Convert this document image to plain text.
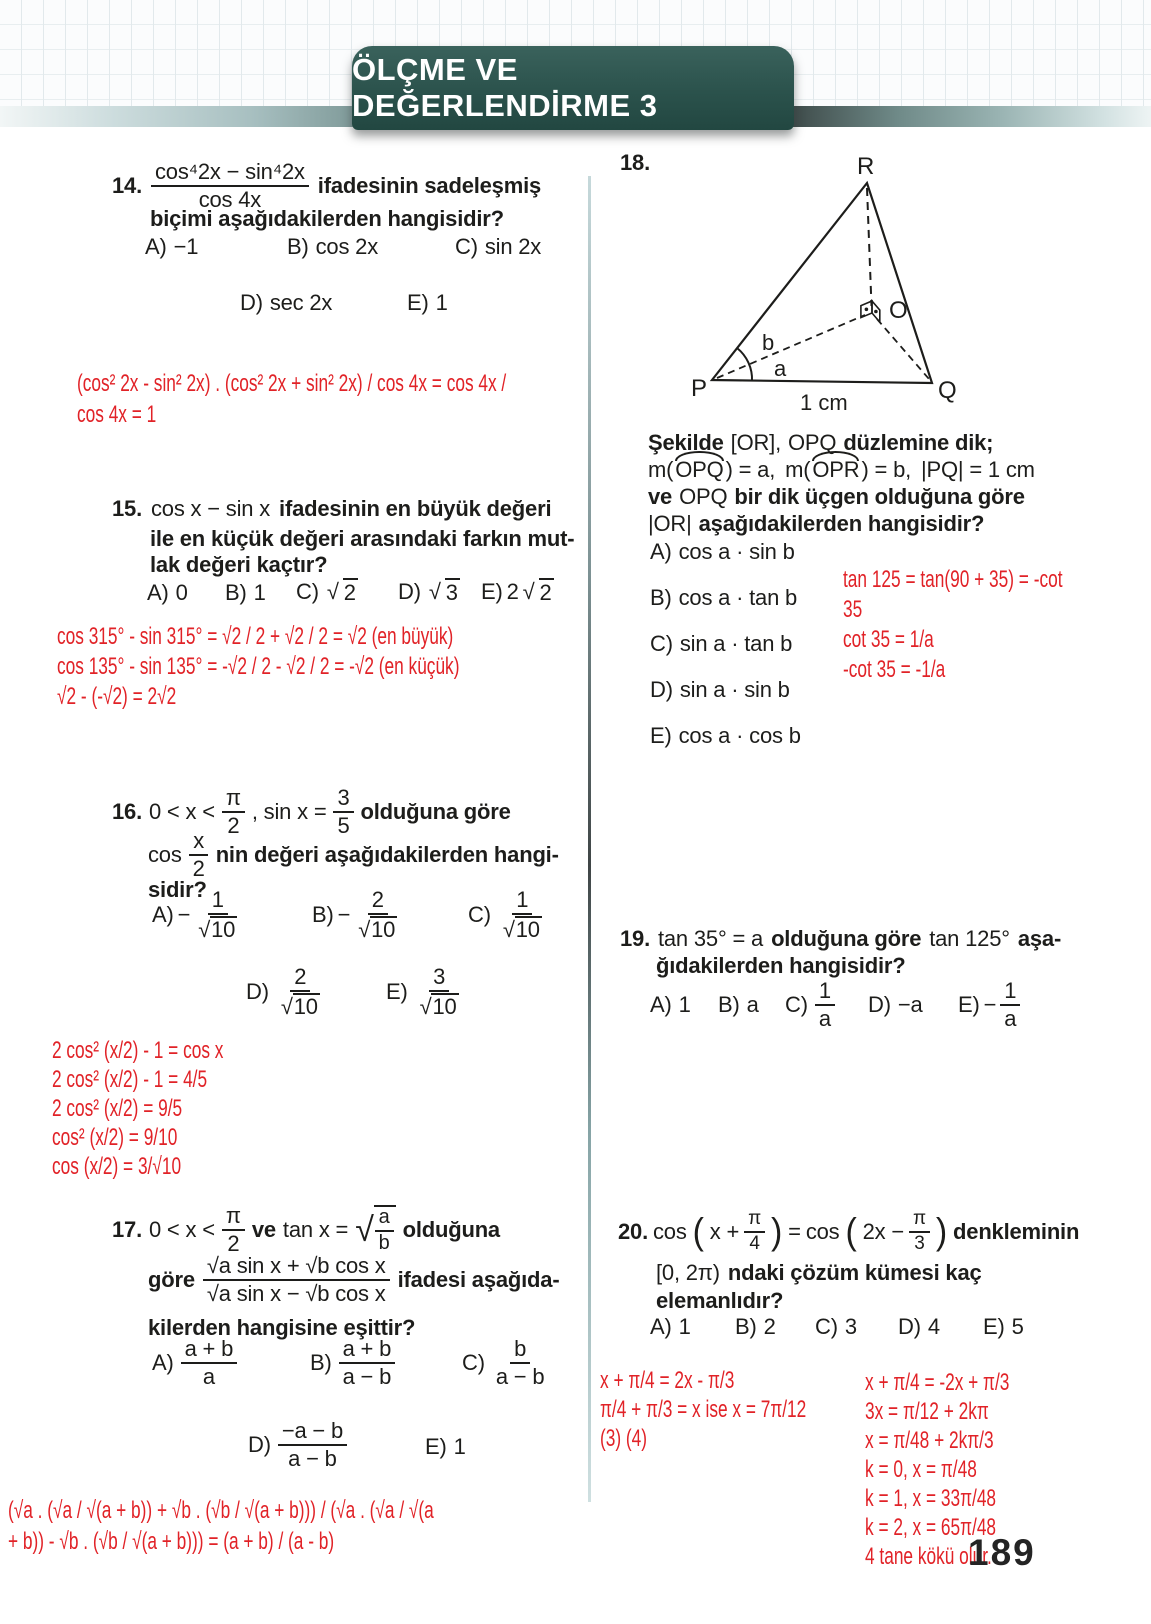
ÖLÇME VE DEĞERLENDİRME 3
14. $\frac{\text{cos⁴2x − sin⁴2x}}{\cos 4x}$ ifadesinin sadeleşmiş
biçimi aşağıdakilerden hangisidir?
A) −1	B) cos 2x	C) sin 2x
D) sec 2x	E) 1
(cos² 2x - sin² 2x) . (cos² 2x + sin² 2x) / cos 4x = cos 4x /
cos 4x = 1
15. cos x − sin x ifadesinin en büyük değeri
ile en küçük değeri arasındaki farkın mut-
lak değeri kaçtır?
A) 0 B) 1 C) √ 2 D) √ 3 E) 2 √ 2
cos 315° - sin 315° = √2 / 2 + √2 / 2 = √2 (en büyük)
cos 135° - sin 135° = -√2 / 2 - √2 / 2 = -√2 (en küçük)
√2 - (-√2) = 2√2
16. $0 < x < \frac{\pi}{2}$ , $\sin x = \frac{3}{5}$ olduğuna göre
$\cos \frac{x}{2}$ nin değeri aşağıdakilerden hangi-
sidir?
$A) - \frac{1}{√ 10}$	$B) - \frac{2}{√ 10}$	$C) \frac{1}{√ 10}$
$D) \frac{2}{√ 10}$	$E) \frac{3}{√ 10}$
2 cos² (x/2) - 1 = cos x
2 cos² (x/2) - 1 = 4/5
2 cos² (x/2) = 9/5
cos² (x/2) = 9/10
cos (x/2) = 3/√10
17. $0 < x < \frac{\pi}{2}$ ve tan x = √ $\frac{a}{b}$ olduğuna
göre $\frac{\text{√a sin x + √b cos x}}{\text{√a sin x − √b cos x}}$ ifadesi aşağıda-
kilerden hangisine eşittir?
$A) \frac{a + b}{a}$	$B) \frac{a + b}{a - b}$	$C) \frac{b}{a - b}$
$D) \frac{-a - b}{a - b}$	E) 1
(√a . (√a / √(a + b)) + √b . (√b / √(a + b))) / (√a . (√a / √(a
+ b)) - √b . (√b / √(a + b))) = (a + b) / (a - b)
18.
P	Q
R
O
b
a
1 cm
Şekilde [OR], OPQ düzlemine dik;
m( OPQ ) = a, m( OPR ) = b, |PQ| = 1 cm
ve OPQ bir dik üçgen olduğuna göre
|OR| aşağıdakilerden hangisidir?
A) cos a · sin b
B) cos a · tan b
C) sin a · tan b
D) sin a · sin b
E) cos a · cos b
tan 125 = tan(90 + 35) = -cot
35
cot 35 = 1/a
-cot 35 = -1/a
19. tan 35° = a olduğuna göre tan 125° aşa-
ğıdakilerden hangisidir?
A) 1 B) a $C) \frac{1}{a} D) -a$ $E) - \frac{1}{a}$
20. cos ( $x + \frac{\pi}{4}$ ) = cos ( $2x - \frac{\pi}{3}$ ) denkleminin
[0, 2π) ndaki çözüm kümesi kaç
elemanlıdır?
A) 1 B) 2 C) 3 D) 4 E) 5
x + π/4 = 2x - π/3
π/4 + π/3 = x ise x = 7π/12
(3) (4)
x + π/4 = -2x + π/3
3x = π/12 + 2kπ
x = π/48 + 2kπ/3
k = 0, x = π/48
k = 1, x = 33π/48
k = 2, x = 65π/48
4 tane kökü olur.
189
